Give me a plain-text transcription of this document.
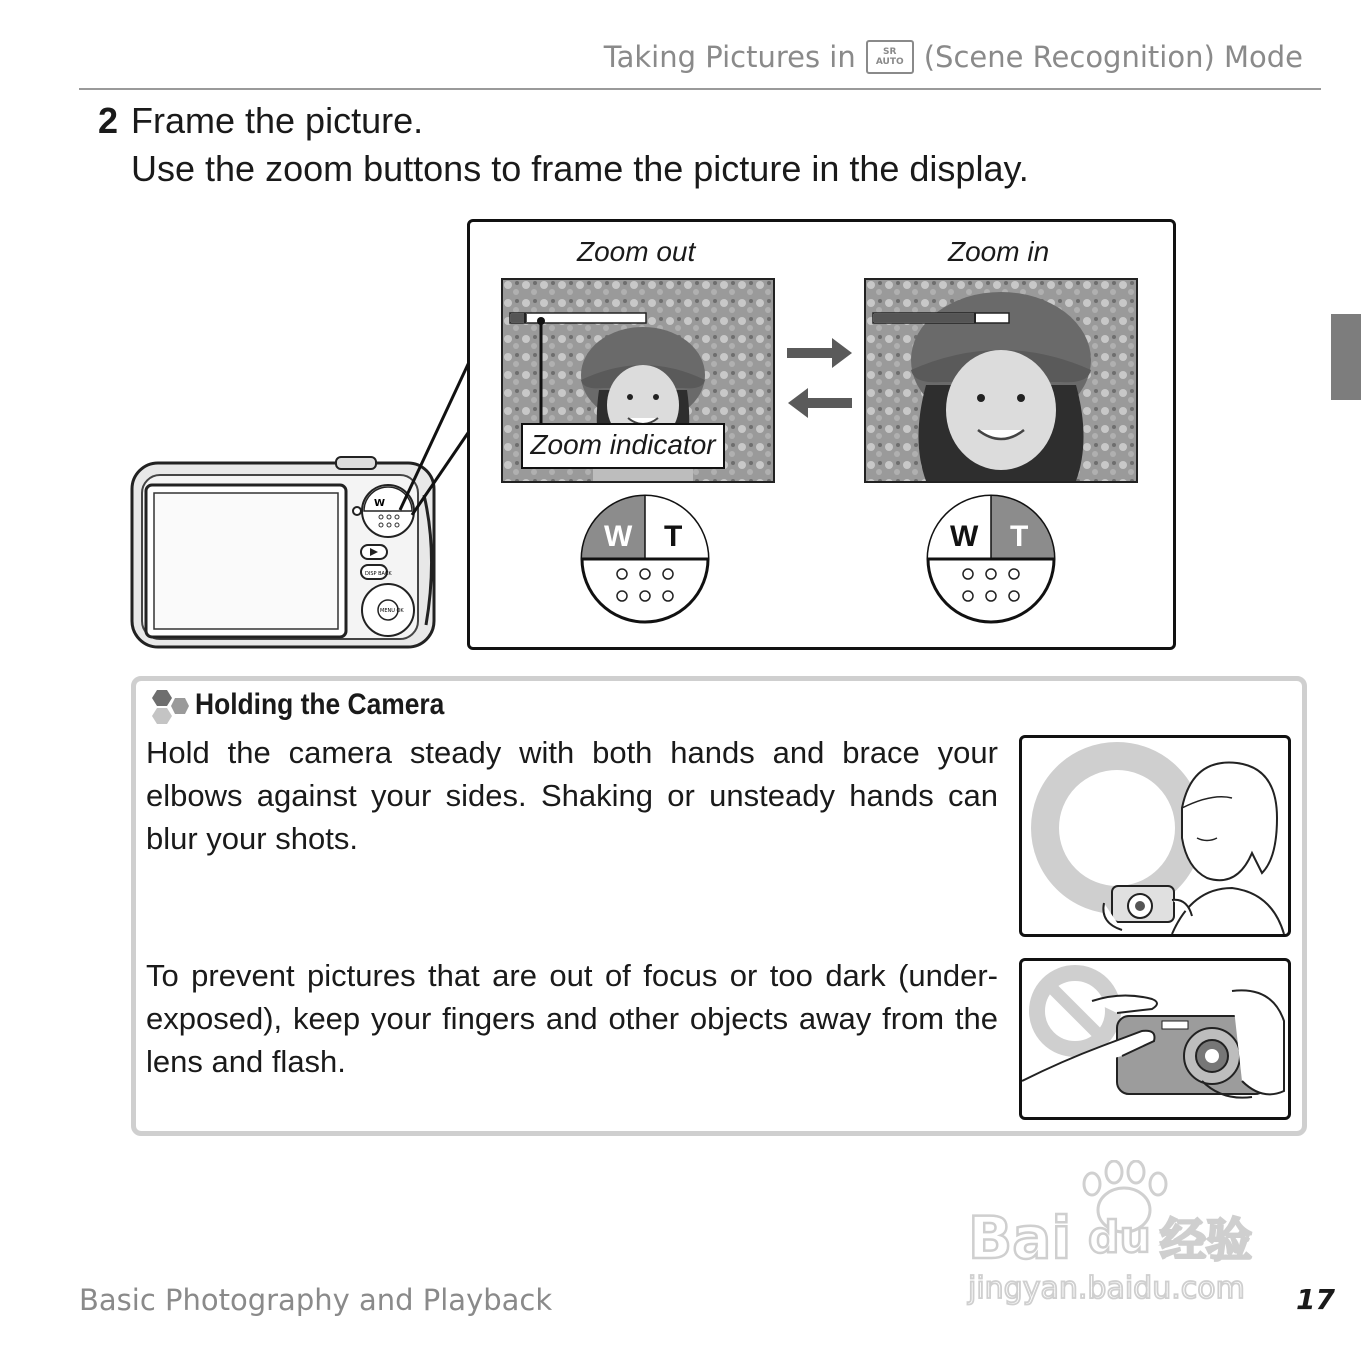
Taking Pictures in	SR
AUTO (Scene Recognition) Mode
2 Frame the picture.
Use the zoom buttons to frame the picture in the display.
W
DISP BACK
MENU OK
Zoom out	Zoom in
Zoom indicator
W T	W T
Holding the Camera
Hold the camera steady with both hands and brace your elbows against your sides. Shaking or unsteady hands can blur your shots.
To prevent pictures that are out of focus or too dark (under-exposed), keep your fingers and other objects away from the lens and flash.
Bai du 经验
jingyan.baidu.com
Basic Photography and Playback	17
